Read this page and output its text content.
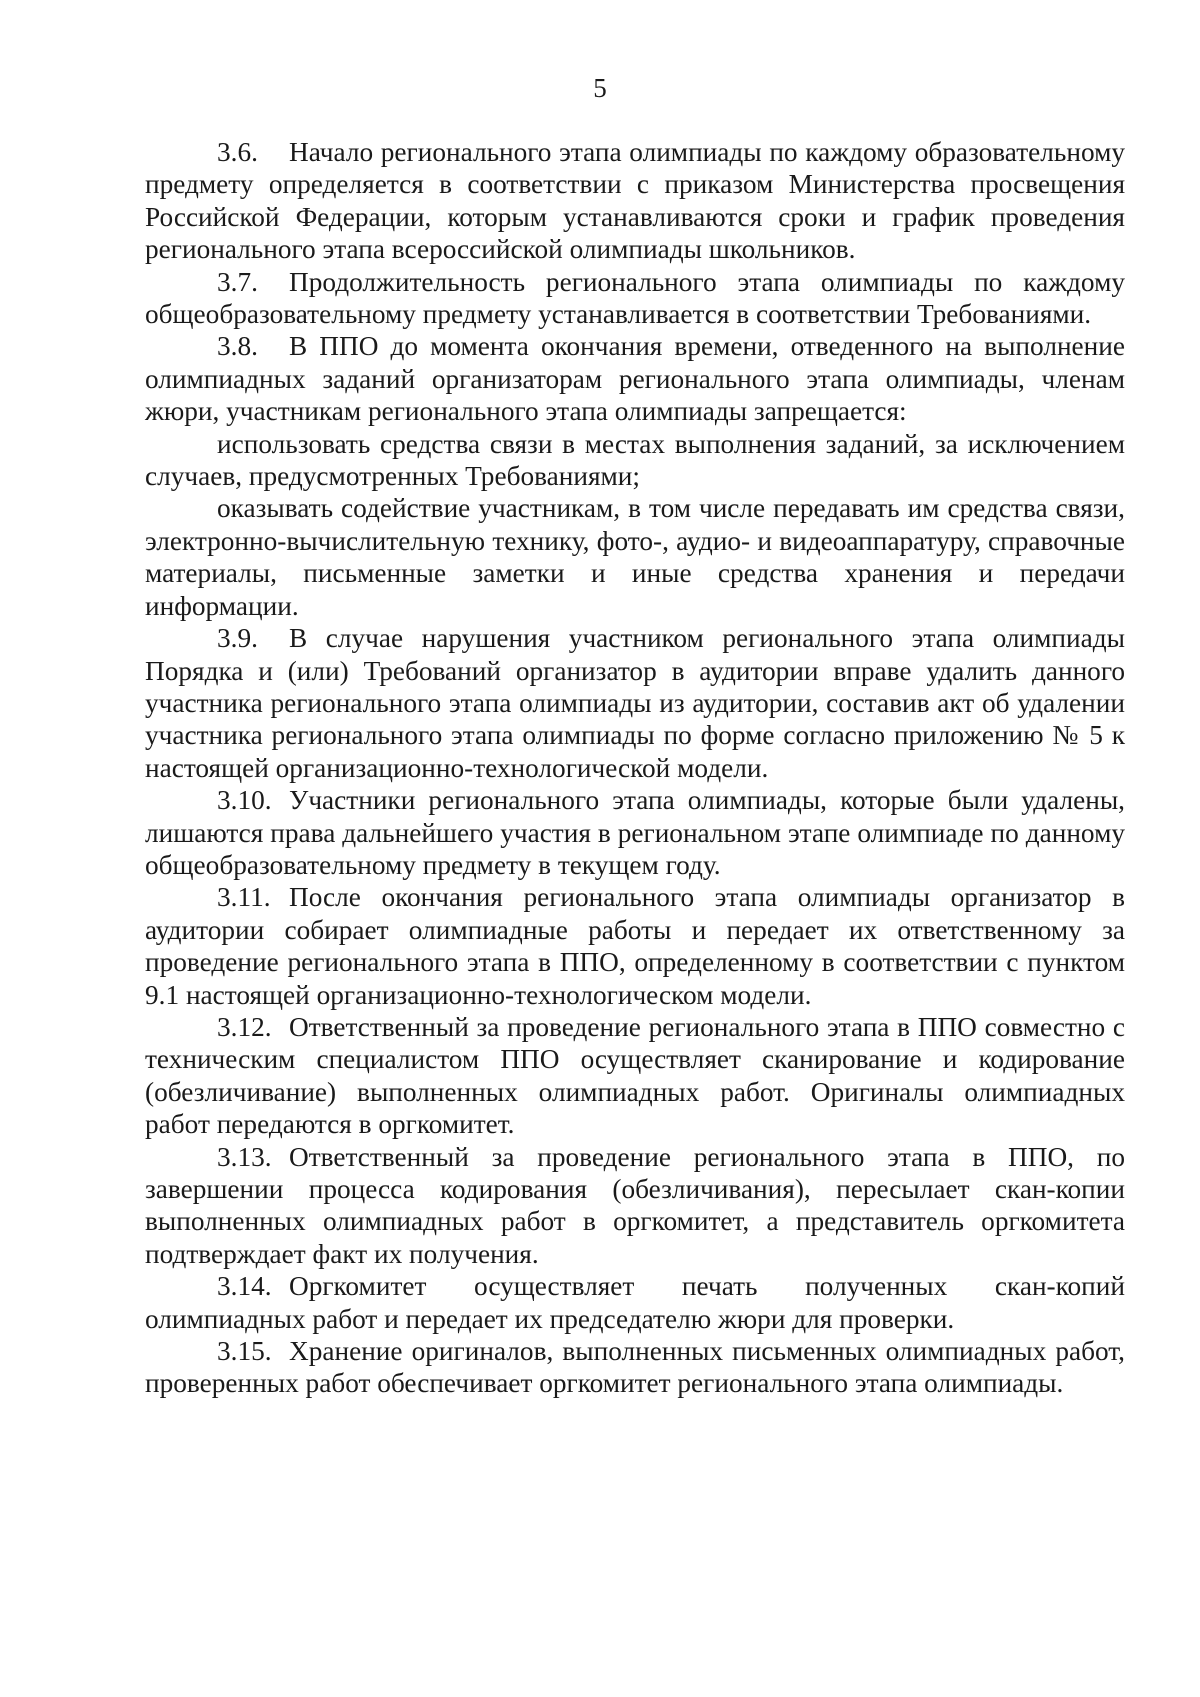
5

3.6. Начало регионального этапа олимпиады по каждому образовательному предмету определяется в соответствии с приказом Министерства просвещения Российской Федерации, которым устанавливаются сроки и график проведения регионального этапа всероссийской олимпиады школьников.

3.7. Продолжительность регионального этапа олимпиады по каждому общеобразовательному предмету устанавливается в соответствии Требованиями.

3.8. В ППО до момента окончания времени, отведенного на выполнение олимпиадных заданий организаторам регионального этапа олимпиады, членам жюри, участникам регионального этапа олимпиады запрещается:

использовать средства связи в местах выполнения заданий, за исключением случаев, предусмотренных Требованиями;

оказывать содействие участникам, в том числе передавать им средства связи, электронно-вычислительную технику, фото-, аудио- и видеоаппаратуру, справочные материалы, письменные заметки и иные средства хранения и передачи информации.

3.9. В случае нарушения участником регионального этапа олимпиады Порядка и (или) Требований организатор в аудитории вправе удалить данного участника регионального этапа олимпиады из аудитории, составив акт об удалении участника регионального этапа олимпиады по форме согласно приложению № 5 к настоящей организационно-технологической модели.

3.10. Участники регионального этапа олимпиады, которые были удалены, лишаются права дальнейшего участия в региональном этапе олимпиаде по данному общеобразовательному предмету в текущем году.

3.11. После окончания регионального этапа олимпиады организатор в аудитории собирает олимпиадные работы и передает их ответственному за проведение регионального этапа в ППО, определенному в соответствии с пунктом 9.1 настоящей организационно-технологическом модели.

3.12. Ответственный за проведение регионального этапа в ППО совместно с техническим специалистом ППО осуществляет сканирование и кодирование (обезличивание) выполненных олимпиадных работ. Оригиналы олимпиадных работ передаются в оргкомитет.

3.13. Ответственный за проведение регионального этапа в ППО, по завершении процесса кодирования (обезличивания), пересылает скан-копии выполненных олимпиадных работ в оргкомитет, а представитель оргкомитета подтверждает факт их получения.

3.14. Оргкомитет осуществляет печать полученных скан-копий олимпиадных работ и передает их председателю жюри для проверки.

3.15. Хранение оригиналов, выполненных письменных олимпиадных работ, проверенных работ обеспечивает оргкомитет регионального этапа олимпиады.
